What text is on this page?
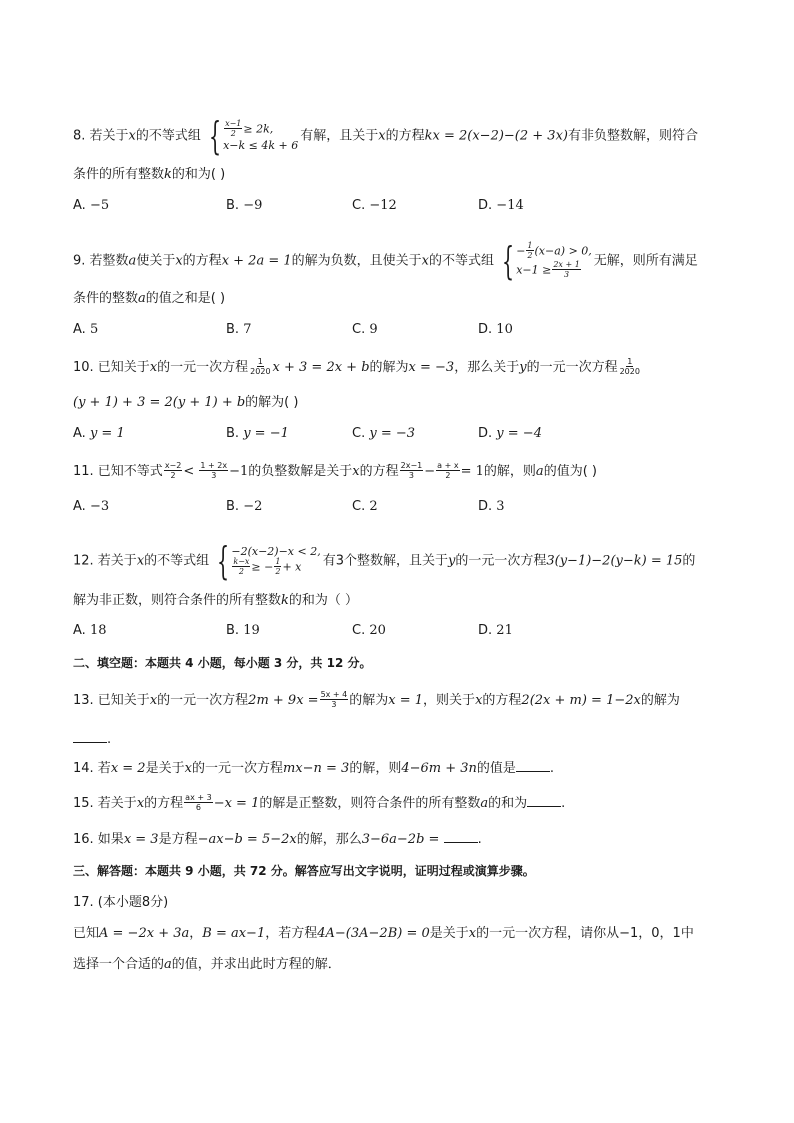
8. 若关于x的不等式组 { $\frac{x-1}{2} \ge 2k$,
x−k ≤ 4k + 6
有解，且关于x的方程kx = 2(x−2)−(2 + 3x)有非负整数解，则符合
条件的所有整数k的和为( )
A. −5	B. −9	C. −12	D. −14
9. 若整数a使关于x的方程x + 2a = 1的解为负数，且使关于x的不等式组 { − $\frac{1}{2} (x-a) > 0$,
$x-1 \ge \frac{2x + 1}{3}$ 无解，则所有满足
条件的整数a的值之和是( )
A. 5	B. 7	C. 9	D. 10
10. 已知关于x的一元一次方程 $\frac{1}{2020}$ x + 3 = 2x + b的解为x = −3，那么关于y的一元一次方程 $\frac{1}{2020}$
(y + 1) + 3 = 2(y + 1) + b的解为( )
A. y = 1	B. y = −1	C. y = −3	D. y = −4
11. 已知不等式 $\frac{x-2}{2} < \frac{1 + 2x}{3} -1$的负整数解是关于x的方程 $\frac{2x-1}{3} - \frac{a + x}{2} = 1$的解，则a的值为( )
A. −3	B. −2	C. 2	D. 3
12. 若关于x的不等式组 { −2(x−2)−x < 2,
$\frac{k-x}{2}$ ≥ − $\frac{1}{2} + x$	有3个整数解，且关于y的一元一次方程3(y−1)−2(y−k) = 15的
解为非正数，则符合条件的所有整数k的和为（ ）
A. 18	B. 19	C. 20	D. 21
二、填空题：本题共 4 小题，每小题 3 分，共 12 分。
13. 已知关于x的一元一次方程$2m + 9x = \frac{5x + 4}{3}$ 的解为x = 1，则关于x的方程2(2x + m) = 1−2x的解为
.
14. 若x = 2是关于x的一元一次方程mx−n = 3的解，则4−6m + 3n的值是	.
15. 若关于x的方程 $\frac{ax + 3}{6} -x = 1$的解是正整数，则符合条件的所有整数a的和为	.
16. 如果x = 3是方程−ax−b = 5−2x的解，那么3−6a−2b =	.
三、解答题：本题共 9 小题，共 72 分。解答应写出文字说明，证明过程或演算步骤。
17. (本小题8分)
已知A = −2x + 3a，B = ax−1，若方程4A−(3A−2B) = 0是关于x的一元一次方程，请你从−1，0，1中
选择一个合适的a的值，并求出此时方程的解．
